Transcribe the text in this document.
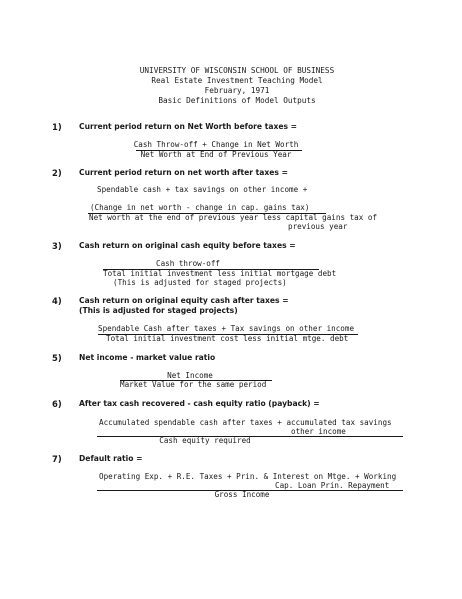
UNIVERSITY OF WISCONSIN SCHOOL OF BUSINESS
Real Estate Investment Teaching Model
February, 1971
Basic Definitions of Model Outputs
1) Current period return on Net Worth before taxes =
Cash Throw-off + Change in Net Worth
Net Worth at End of Previous Year
2) Current period return on net worth after taxes =
Spendable cash + tax savings on other income +
(Change in net worth - change in cap. gains tax)
Net worth at the end of previous year less capital gains tax of
previous year
3) Cash return on original cash equity before taxes =
Cash throw-off
Total initial investment less initial mortgage debt
(This is adjusted for staged projects)
4) Cash return on original equity cash after taxes =
(This is adjusted for staged projects)
Spendable Cash after taxes + Tax savings on other income
Total initial investment cost less initial mtge. debt
5) Net income - market value ratio
Net Income
Market Value for the same period
6) After tax cash recovered - cash equity ratio (payback) =
Accumulated spendable cash after taxes + accumulated tax savings
other income
Cash equity required
7) Default ratio =
Operating Exp. + R.E. Taxes + Prin. & Interest on Mtge. + Working
Cap. Loan Prin. Repayment
Gross Income
